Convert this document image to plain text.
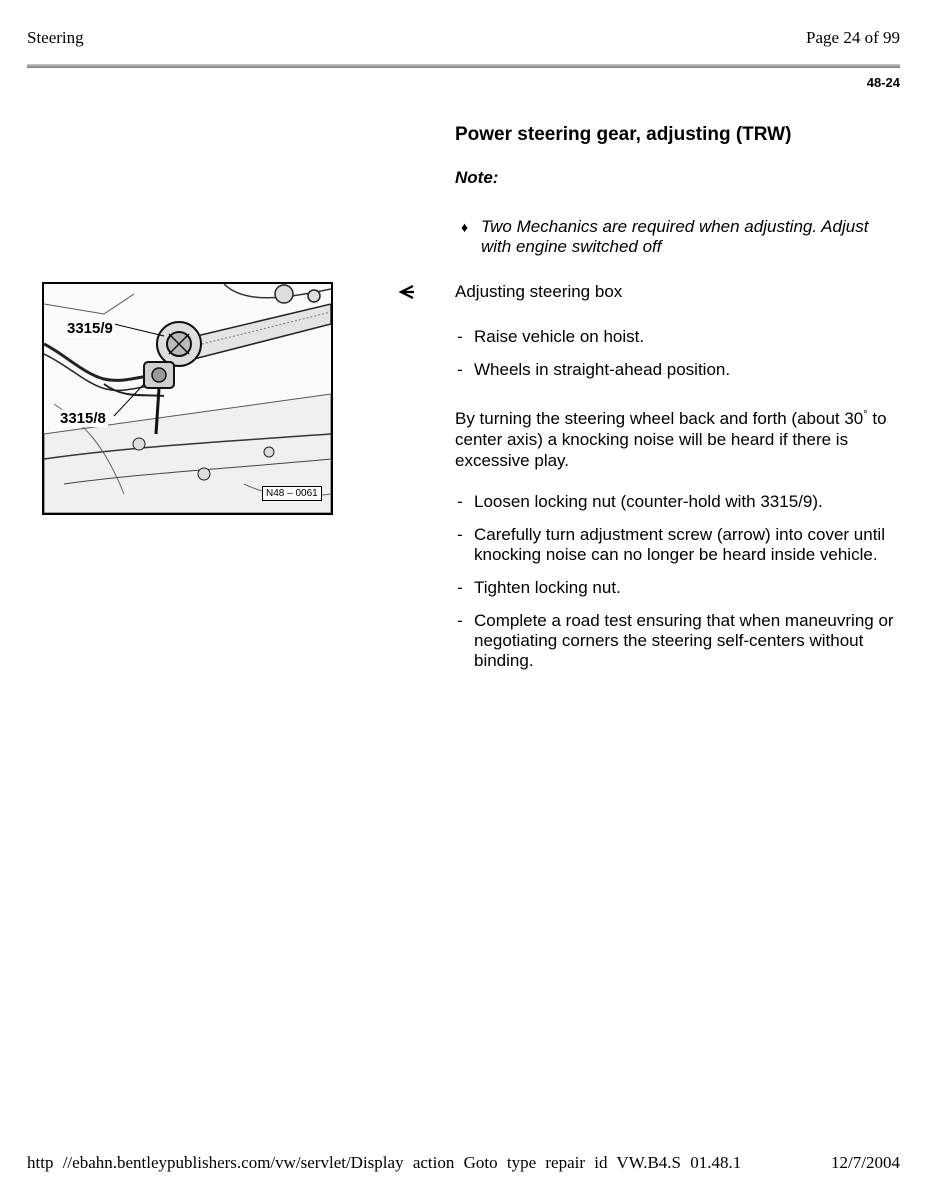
Steering	Page 24 of 99
48-24
Power steering gear, adjusting (TRW)
Note:
♦ Two Mechanics are required when adjusting. Adjust with engine switched off
Adjusting steering box
- Raise vehicle on hoist.
- Wheels in straight-ahead position.
By turning the steering wheel back and forth (about 30° to center axis) a knocking noise will be heard if there is excessive play.
- Loosen locking nut (counter-hold with 3315/9).
- Carefully turn adjustment screw (arrow) into cover until knocking noise can no longer be heard inside vehicle.
- Tighten locking nut.
- Complete a road test ensuring that when maneuvring or negotiating corners the steering self-centers without binding.
3315/9
3315/8
N48 – 0061
http //ebahn.bentleypublishers.com/vw/servlet/Display action Goto type repair id VW.B4.S 01.48.1	12/7/2004
